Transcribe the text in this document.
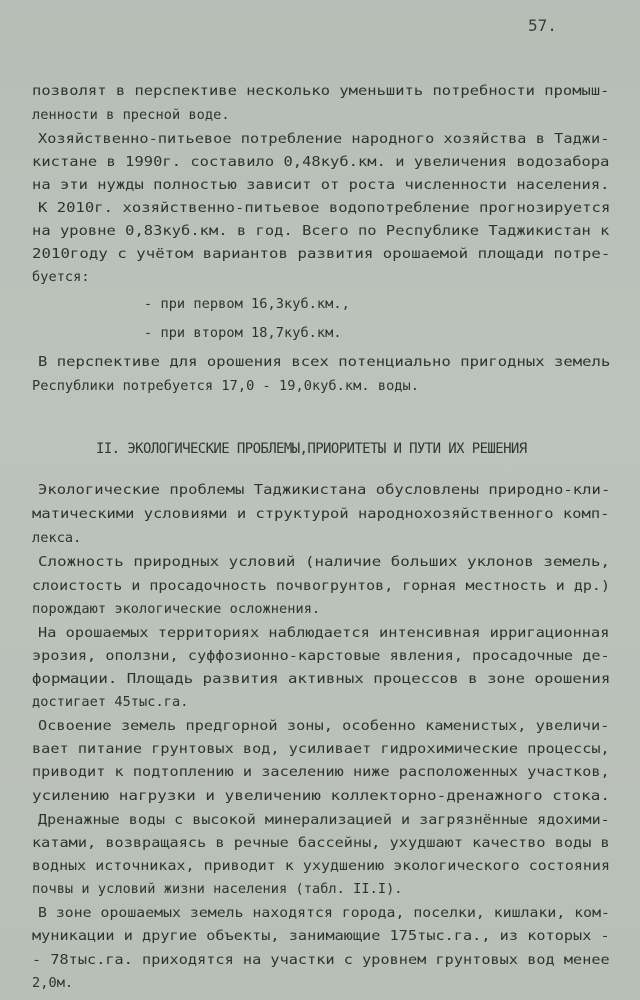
57.
позволят в перспективе несколько уменьшить потребности промыш-
ленности в пресной воде.
Хозяйственно-питьевое потребление народного хозяйства в Таджи-
кистане в 1990г. составило 0,48куб.км. и увеличения водозабора
на эти нужды полностью зависит от роста численности населения.
К 2010г. хозяйственно-питьевое водопотребление прогнозируется
на уровне 0,83куб.км. в год. Всего по Республике Таджикистан к
2010году с учётом вариантов развития орошаемой площади потре-
буется:
- при первом 16,3куб.км.,
- при втором 18,7куб.км.
В перспективе для орошения всех потенциально пригодных земель
Республики потребуется 17,0 - 19,0куб.км. воды.
II. ЭКОЛОГИЧЕСКИЕ ПРОБЛЕМЫ,ПРИОРИТЕТЫ И ПУТИ ИХ РЕШЕНИЯ
Экологические проблемы Таджикистана обусловлены природно-кли-
матическими условиями и структурой народнохозяйственного комп-
лекса.
Сложность природных условий (наличие больших уклонов земель,
слоистость и просадочность почвогрунтов, горная местность и др.)
порождают экологические осложнения.
На орошаемых территориях наблюдается интенсивная ирригационная
эрозия, оползни, суффозионно-карстовые явления, просадочные де-
формации. Площадь развития активных процессов в зоне орошения
достигает 45тыс.га.
Освоение земель предгорной зоны, особенно каменистых, увеличи-
вает питание грунтовых вод, усиливает гидрохимические процессы,
приводит к подтоплению и заселению ниже расположенных участков,
усилению нагрузки и увеличению коллекторно-дренажного стока.
Дренажные воды с высокой минерализацией и загрязнённые ядохими-
катами, возвращаясь в речные бассейны, ухудшают качество воды в
водных источниках, приводит к ухудшению экологического состояния
почвы и условий жизни населения (табл. II.I).
В зоне орошаемых земель находятся города, поселки, кишлаки, ком-
муникации и другие объекты, занимающие 175тыс.га., из которых -
- 78тыс.га. приходятся на участки с уровнем грунтовых вод менее
2,0м.
